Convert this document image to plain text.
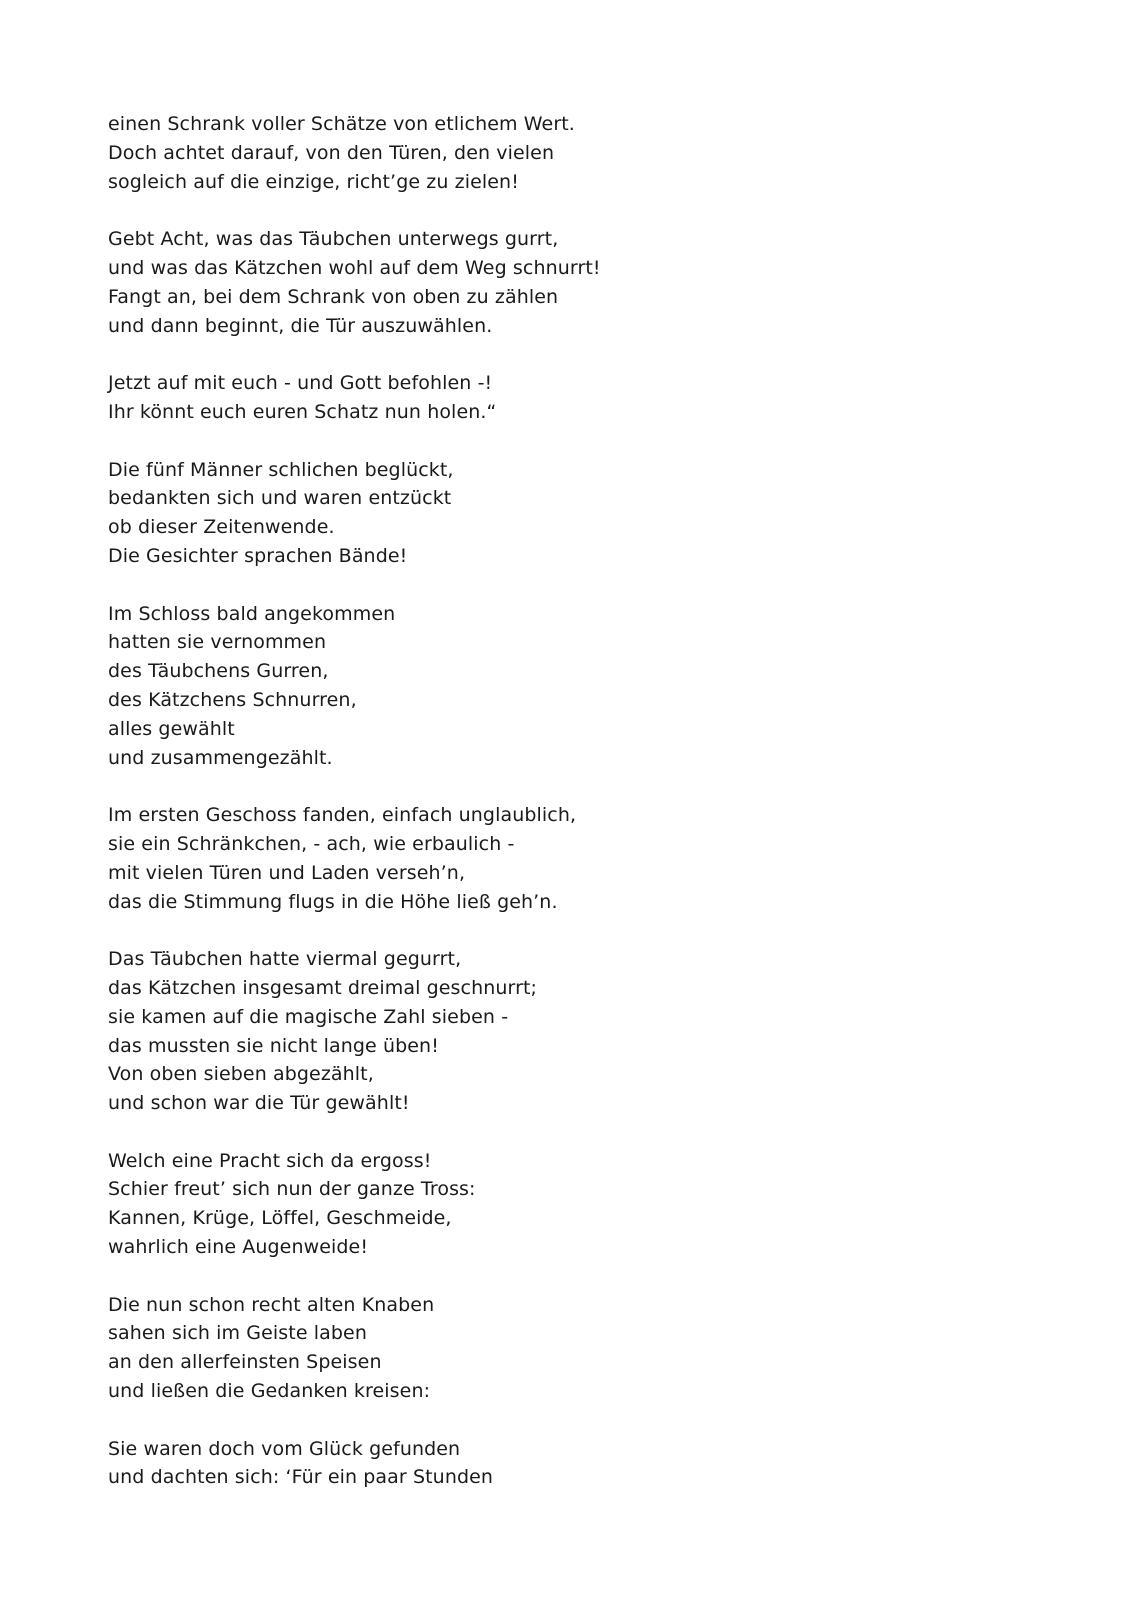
einen Schrank voller Schätze von etlichem Wert.
Doch achtet darauf, von den Türen, den vielen
sogleich auf die einzige, richt’ge zu zielen!
Gebt Acht, was das Täubchen unterwegs gurrt,
und was das Kätzchen wohl auf dem Weg schnurrt!
Fangt an, bei dem Schrank von oben zu zählen
und dann beginnt, die Tür auszuwählen.
Jetzt auf mit euch - und Gott befohlen -!
Ihr könnt euch euren Schatz nun holen.“
Die fünf Männer schlichen beglückt,
bedankten sich und waren entzückt
ob dieser Zeitenwende.
Die Gesichter sprachen Bände!
Im Schloss bald angekommen
hatten sie vernommen
des Täubchens Gurren,
des Kätzchens Schnurren,
alles gewählt
und zusammengezählt.
Im ersten Geschoss fanden, einfach unglaublich,
sie ein Schränkchen, - ach, wie erbaulich -
mit vielen Türen und Laden verseh’n,
das die Stimmung flugs in die Höhe ließ geh’n.
Das Täubchen hatte viermal gegurrt,
das Kätzchen insgesamt dreimal geschnurrt;
sie kamen auf die magische Zahl sieben -
das mussten sie nicht lange üben!
Von oben sieben abgezählt,
und schon war die Tür gewählt!
Welch eine Pracht sich da ergoss!
Schier freut’ sich nun der ganze Tross:
Kannen, Krüge, Löffel, Geschmeide,
wahrlich eine Augenweide!
Die nun schon recht alten Knaben
sahen sich im Geiste laben
an den allerfeinsten Speisen
und ließen die Gedanken kreisen:
Sie waren doch vom Glück gefunden
und dachten sich: ‘Für ein paar Stunden
